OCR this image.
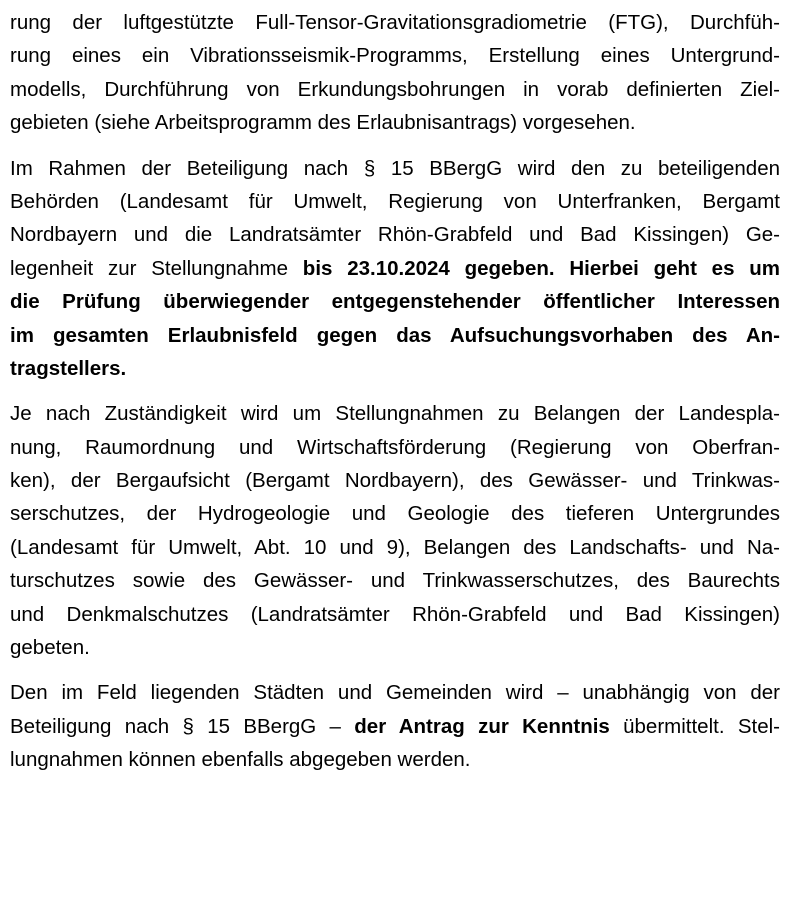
rung der luftgestützte Full-Tensor-Gravitationsgradiometrie (FTG), Durchfüh-
rung eines ein Vibrationsseismik-Programms, Erstellung eines Untergrund-
modells, Durchführung von Erkundungsbohrungen in vorab definierten Ziel-
gebieten (siehe Arbeitsprogramm des Erlaubnisantrags) vorgesehen.
Im Rahmen der Beteiligung nach § 15 BBergG wird den zu beteiligenden
Behörden (Landesamt für Umwelt, Regierung von Unterfranken, Bergamt
Nordbayern und die Landratsämter Rhön-Grabfeld und Bad Kissingen) Ge-
legenheit zur Stellungnahme bis 23.10.2024 gegeben. Hierbei geht es um
die Prüfung überwiegender entgegenstehender öffentlicher Interessen
im gesamten Erlaubnisfeld gegen das Aufsuchungsvorhaben des An-
tragstellers.
Je nach Zuständigkeit wird um Stellungnahmen zu Belangen der Landespla-
nung, Raumordnung und Wirtschaftsförderung (Regierung von Oberfran-
ken), der Bergaufsicht (Bergamt Nordbayern), des Gewässer- und Trinkwas-
serschutzes, der Hydrogeologie und Geologie des tieferen Untergrundes
(Landesamt für Umwelt, Abt. 10 und 9), Belangen des Landschafts- und Na-
turschutzes sowie des Gewässer- und Trinkwasserschutzes, des Baurechts
und Denkmalschutzes (Landratsämter Rhön-Grabfeld und Bad Kissingen)
gebeten.
Den im Feld liegenden Städten und Gemeinden wird – unabhängig von der
Beteiligung nach § 15 BBergG – der Antrag zur Kenntnis übermittelt. Stel-
lungnahmen können ebenfalls abgegeben werden.
